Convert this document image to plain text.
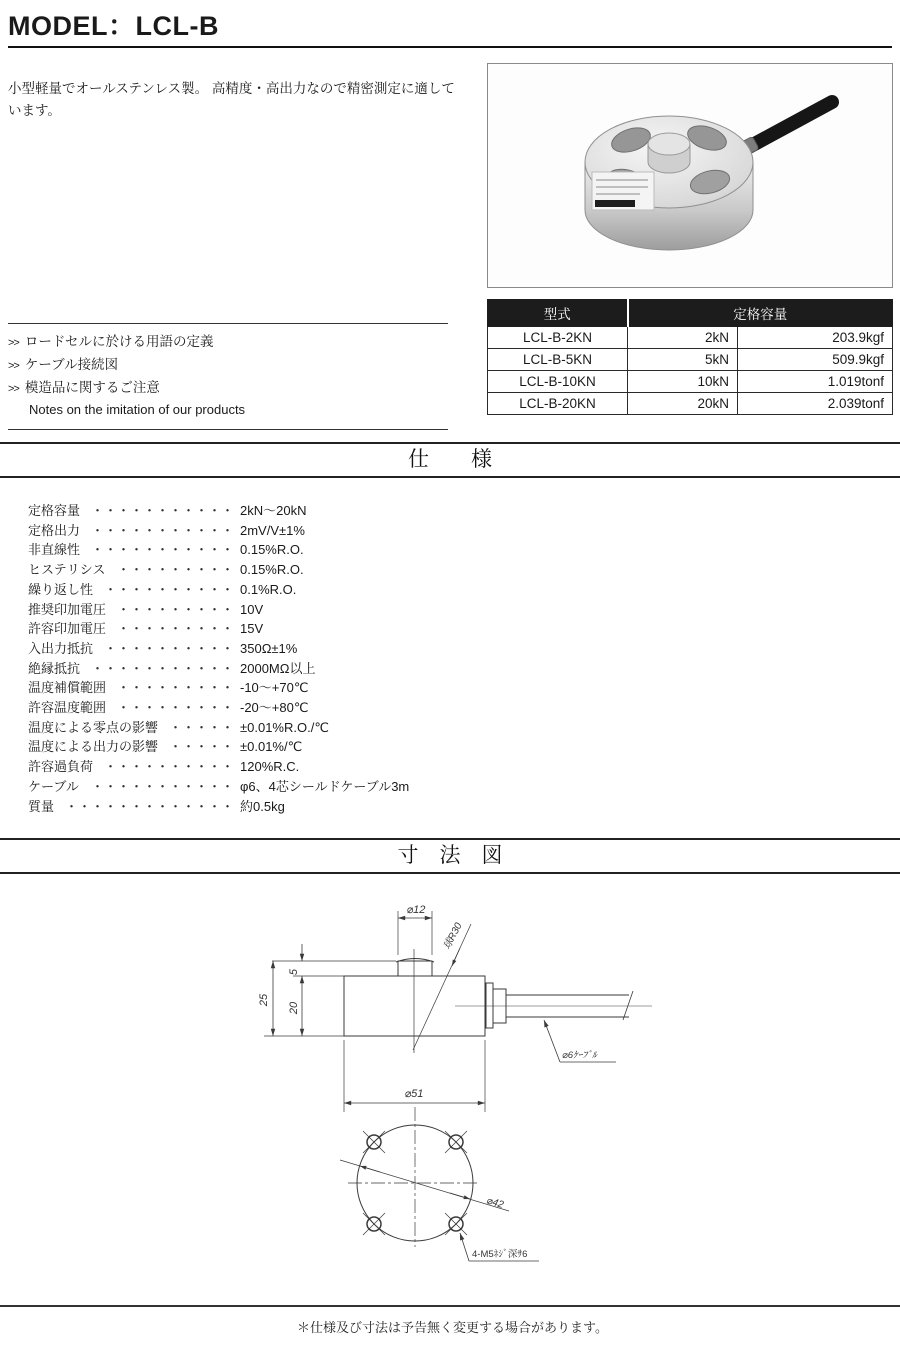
MODEL：LCL-B

小型軽量でオールステンレス製。 高精度・高出力なので精密測定に適しています。

>> ロードセルに於ける用語の定義
>> ケーブル接続図
>> 模造品に関するご注意
Notes on the imitation of our products
型式	定格容量	
LCL-B-2KN	2kN	203.9kgf
LCL-B-5KN	5kN	509.9kgf
LCL-B-10KN	10kN	1.019tonf
LCL-B-20KN	20kN	2.039tonf
仕　　様
定格容量 ・・・・・・・・・・・ 2kN～20kN
定格出力 ・・・・・・・・・・・ 2mV/V±1%
非直線性 ・・・・・・・・・・・ 0.15%R.O.
ヒステリシス ・・・・・・・・・ 0.15%R.O.
繰り返し性 ・・・・・・・・・・ 0.1%R.O.
推奨印加電圧 ・・・・・・・・・ 10V
許容印加電圧 ・・・・・・・・・ 15V
入出力抵抗 ・・・・・・・・・・ 350Ω±1%
絶縁抵抗 ・・・・・・・・・・・ 2000MΩ以上
温度補償範囲 ・・・・・・・・・ -10～+70℃
許容温度範囲 ・・・・・・・・・ -20～+80℃
温度による零点の影響 ・・・・・ ±0.01%R.O./℃
温度による出力の影響 ・・・・・ ±0.01%/℃
許容過負荷 ・・・・・・・・・・ 120%R.C.
ケーブル ・・・・・・・・・・・ φ6、4芯シールドケーブル3m
質量 ・・・・・・・・・・・・・ 約0.5kg
寸　法　図
⌀12
球R30
5
20
25
⌀51
⌀6ｹｰﾌﾞﾙ
⌀42
4-M5ﾈｼﾞ深ｻ6
＊仕様及び寸法は予告無く変更する場合があります。
